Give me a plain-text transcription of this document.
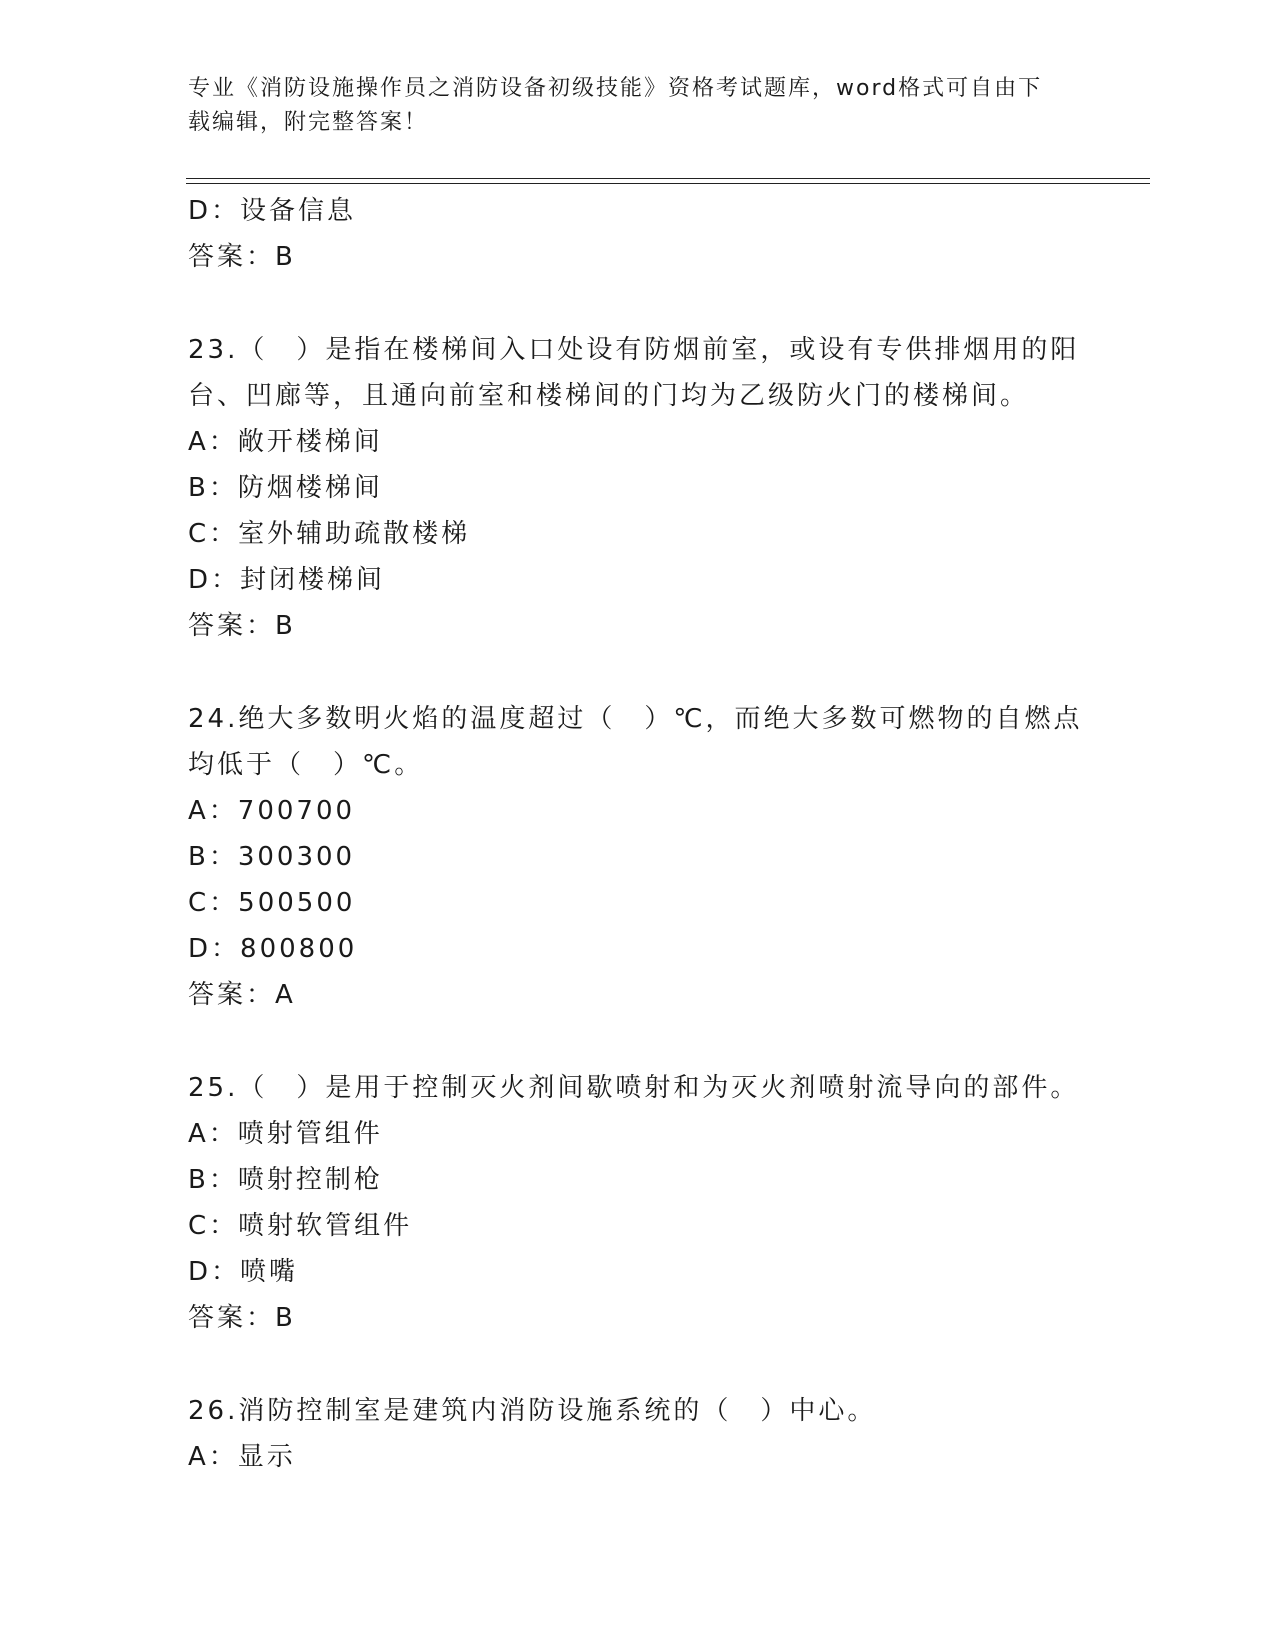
专业《消防设施操作员之消防设备初级技能》资格考试题库，word格式可自由下
载编辑，附完整答案！
D：设备信息
答案：B
23.（　）是指在楼梯间入口处设有防烟前室，或设有专供排烟用的阳
台、凹廊等，且通向前室和楼梯间的门均为乙级防火门的楼梯间。
A：敞开楼梯间
B：防烟楼梯间
C：室外辅助疏散楼梯
D：封闭楼梯间
答案：B
24.绝大多数明火焰的温度超过（　）℃，而绝大多数可燃物的自燃点
均低于（　）℃。
A：700700
B：300300
C：500500
D：800800
答案：A
25.（　）是用于控制灭火剂间歇喷射和为灭火剂喷射流导向的部件。
A：喷射管组件
B：喷射控制枪
C：喷射软管组件
D：喷嘴
答案：B
26.消防控制室是建筑内消防设施系统的（　）中心。
A：显示
